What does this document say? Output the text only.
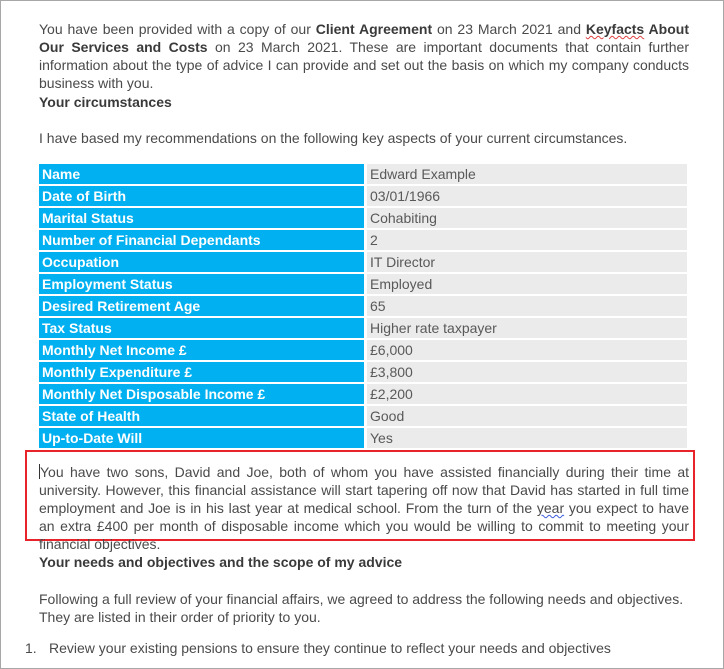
You have been provided with a copy of our Client Agreement on 23 March 2021 and Keyfacts About Our Services and Costs on 23 March 2021. These are important documents that contain further information about the type of advice I can provide and set out the basis on which my company conducts business with you.
Your circumstances
I have based my recommendations on the following key aspects of your current circumstances.
Name	Edward Example
Date of Birth	03/01/1966
Marital Status	Cohabiting
Number of Financial Dependants	2
Occupation	IT Director
Employment Status	Employed
Desired Retirement Age	65
Tax Status	Higher rate taxpayer
Monthly Net Income £	£6,000
Monthly Expenditure £	£3,800
Monthly Net Disposable Income £	£2,200
State of Health	Good
Up-to-Date Will	Yes
Your needs and objectives and the scope of my advice
Following a full review of your financial affairs, we agreed to address the following needs and objectives. They are listed in their order of priority to you.
You have two sons, David and Joe, both of whom you have assisted financially during their time at university. However, this financial assistance will start tapering off now that David has started in full time employment and Joe is in his last year at medical school. From the turn of the year you expect to have an extra £400 per month of disposable income which you would be willing to commit to meeting your financial objectives.
1. Review your existing pensions to ensure they continue to reflect your needs and objectives
